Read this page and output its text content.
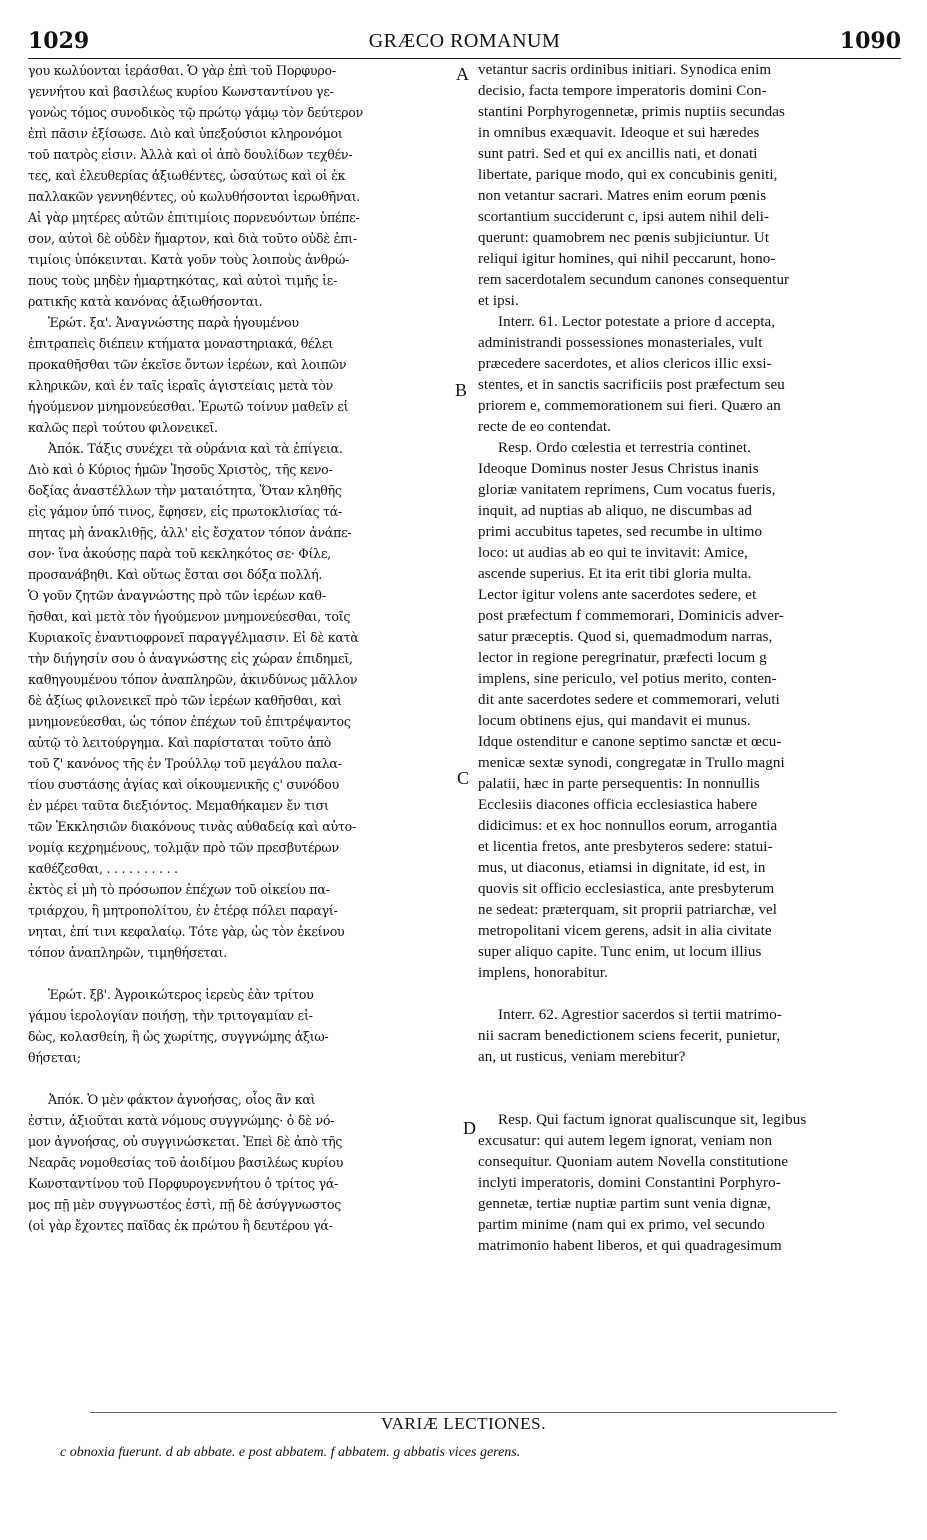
1029	GRÆCO ROMANUM	1090
γου κωλύονται ἱεράσθαι. Ὁ γὰρ ἐπὶ τοῦ Πορφυρο-
γεννήτου καὶ βασιλέως κυρίου Κωνσταντίνου γε-
γονὼς τόμος συνοδικὸς τῷ πρώτῳ γάμῳ τὸν δεύτερον
ἐπὶ πᾶσιν ἐξίσωσε. Διὸ καὶ ὑπεξούσιοι κληρονόμοι
τοῦ πατρὸς εἰσιν. Ἀλλὰ καὶ οἱ ἀπὸ δουλίδων τεχθέν-
τες, καὶ ἐλευθερίας ἀξιωθέντες, ὡσαύτως καὶ οἱ ἐκ
παλλακῶν γεννηθέντες, οὐ κωλυθήσονται ἱερωθῆναι.
Αἱ γὰρ μητέρες αὐτῶν ἐπιτιμίοις πορνευόντων ὑπέπε-
σον, αὐτοὶ δὲ οὐδὲν ἥμαρτον, καὶ διὰ τοῦτο οὐδὲ ἐπι-
τιμίοις ὑπόκεινται. Κατὰ γοῦν τοὺς λοιποὺς ἀνθρώ-
πους τοὺς μηδὲν ἡμαρτηκότας, καὶ αὐτοὶ τιμῆς ἱε-
ρατικῆς κατὰ κανόνας ἀξιωθήσονται.
Ἐρώτ. ξα'. Ἀναγνώστης παρὰ ἡγουμένου
ἐπιτραπεὶς διέπειν κτήματα μοναστηριακά, θέλει
προκαθῆσθαι τῶν ἐκεῖσε ὄντων ἱερέων, καὶ λοιπῶν
κληρικῶν, καὶ ἐν ταῖς ἱεραῖς ἁγιστείαις μετὰ τὸν
ἡγούμενον μνημονεύεσθαι. Ἐρωτῶ τοίνυν μαθεῖν εἰ
καλῶς περὶ τούτου φιλονεικεῖ.
Ἀπόκ. Τάξις συνέχει τὰ οὐράνια καὶ τὰ ἐπίγεια.
Διὸ καὶ ὁ Κύριος ἡμῶν Ἰησοῦς Χριστὸς, τῆς κενο-
δοξίας ἀναστέλλων τὴν ματαιότητα, Ὅταν κληθῆς
εἰς γάμον ὑπό τινος, ἔφησεν, εἰς πρωτοκλισίας τά-
πητας μὴ ἀνακλιθῇς, ἀλλ' εἰς ἔσχατον τόπον ἀνάπε-
σον· ἵνα ἀκούσῃς παρὰ τοῦ κεκληκότος σε· Φίλε,
προσανάβηθι. Καὶ οὕτως ἔσται σοι δόξα πολλή.
Ὁ γοῦν ζητῶν ἀναγνώστης πρὸ τῶν ἱερέων καθ-
ῆσθαι, καὶ μετὰ τὸν ἡγούμενον μνημονεύεσθαι, τοῖς
Κυριακοῖς ἐναντιοφρονεῖ παραγγέλμασιν. Εἰ δὲ κατὰ
τὴν διήγησίν σου ὁ ἀναγνώστης εἰς χώραν ἐπιδημεῖ,
καθηγουμένου τόπον ἀναπληρῶν, ἀκινδύνως μᾶλλον
δὲ ἀξίως φιλονεικεῖ πρὸ τῶν ἱερέων καθῆσθαι, καὶ
μνημονεύεσθαι, ὡς τόπον ἐπέχων τοῦ ἐπιτρέψαντος
αὐτῷ τὸ λειτούργημα. Καὶ παρίσταται τοῦτο ἀπὸ
τοῦ ζ' κανόνος τῆς ἐν Τρούλλῳ τοῦ μεγάλου παλα-
τίου συστάσης ἁγίας καὶ οἰκουμενικῆς ς' συνόδου
ἐν μέρει ταῦτα διεξιόντος. Μεμαθήκαμεν ἔν τισι
τῶν Ἐκκλησιῶν διακόνους τινὰς αὐθαδείᾳ καὶ αὐτο-
νομίᾳ κεχρημένους, τολμᾷν πρὸ τῶν πρεσβυτέρων
καθέζεσθαι, . . . . . . . . . .
ἐκτὸς εἰ μὴ τὸ πρόσωπον ἐπέχων τοῦ οἰκείου πα-
τριάρχου, ἢ μητροπολίτου, ἐν ἑτέρᾳ πόλει παραγί-
νηται, ἐπί τινι κεφαλαίῳ. Τότε γὰρ, ὡς τὸν ἐκείνου
τόπον ἀναπληρῶν, τιμηθήσεται.
Ἐρώτ. ξβ'. Ἀγροικώτερος ἱερεὺς ἐὰν τρίτου
γάμου ἱερολογίαν ποιήσῃ, τὴν τριτογαμίαν εἰ-
δὼς, κολασθείη, ἢ ὡς χωρίτης, συγγνώμης ἀξιω-
θήσεται;
Ἀπόκ. Ὁ μὲν φάκτον ἀγνοήσας, οἷος ἂν καὶ
ἐστιν, ἀξιοῦται κατὰ νόμους συγγνώμης· ὁ δὲ νό-
μον ἀγνοήσας, οὐ συγγινώσκεται. Ἐπεὶ δὲ ἀπὸ τῆς
Νεαρᾶς νομοθεσίας τοῦ ἀοιδίμου βασιλέως κυρίου
Κωνσταντίνου τοῦ Πορφυρογεννήτου ὁ τρίτος γά-
μος πῇ μὲν συγγνωστέος ἐστὶ, πῇ δὲ ἀσύγγνωστος
(οἱ γὰρ ἔχοντες παῖδας ἐκ πρώτου ἢ δευτέρου γά-
vetantur sacris ordinibus initiari. Synodica enim
decisio, facta tempore imperatoris domini Con-
stantini Porphyrogennetæ, primis nuptiis secundas
in omnibus exæquavit. Ideoque et sui hæredes
sunt patri. Sed et qui ex ancillis nati, et donati
libertate, parique modo, qui ex concubinis geniti,
non vetantur sacrari. Matres enim eorum pœnis
scortantium succiderunt c, ipsi autem nihil deli-
querunt: quamobrem nec pœnis subjiciuntur. Ut
reliqui igitur homines, qui nihil peccarunt, hono-
rem sacerdotalem secundum canones consequentur
et ipsi.
Interr. 61. Lector potestate a priore d accepta,
administrandi possessiones monasteriales, vult
præcedere sacerdotes, et alios clericos illic exsi-
stentes, et in sanctis sacrificiis post præfectum seu
priorem e, commemorationem sui fieri. Quæro an
recte de eo contendat.
Resp. Ordo cœlestia et terrestria continet.
Ideoque Dominus noster Jesus Christus inanis
gloriæ vanitatem reprimens, Cum vocatus fueris,
inquit, ad nuptias ab aliquo, ne discumbas ad
primi accubitus tapetes, sed recumbe in ultimo
loco: ut audias ab eo qui te invitavit: Amice,
ascende superius. Et ita erit tibi gloria multa.
Lector igitur volens ante sacerdotes sedere, et
post præfectum f commemorari, Dominicis adver-
satur præceptis. Quod si, quemadmodum narras,
lector in regione peregrinatur, præfecti locum g
implens, sine periculo, vel potius merito, conten-
dit ante sacerdotes sedere et commemorari, veluti
locum obtinens ejus, qui mandavit ei munus.
Idque ostenditur e canone septimo sanctæ et œcu-
menicæ sextæ synodi, congregatæ in Trullo magni
palatii, hæc in parte persequentis: In nonnullis
Ecclesiis diacones officia ecclesiastica habere
didicimus: et ex hoc nonnullos eorum, arrogantia
et licentia fretos, ante presbyteros sedere: statui-
mus, ut diaconus, etiamsi in dignitate, id est, in
quovis sit officio ecclesiastica, ante presbyterum
ne sedeat: præterquam, sit proprii patriarchæ, vel
metropolitani vicem gerens, adsit in alia civitate
super aliquo capite. Tunc enim, ut locum illius
implens, honorabitur.
Interr. 62. Agrestior sacerdos si tertii matrimo-
nii sacram benedictionem sciens fecerit, punietur,
an, ut rusticus, veniam merebitur?
Resp. Qui factum ignorat qualiscunque sit, legibus
excusatur: qui autem legem ignorat, veniam non
consequitur. Quoniam autem Novella constitutione
inclyti imperatoris, domini Constantini Porphyro-
gennetæ, tertiæ nuptiæ partim sunt venia dignæ,
partim minime (nam qui ex primo, vel secundo
matrimonio habent liberos, et qui quadragesimum
A
B
C
D
VARIÆ LECTIONES.
c obnoxia fuerunt. d ab abbate. e post abbatem. f abbatem. g abbatis vices gerens.
